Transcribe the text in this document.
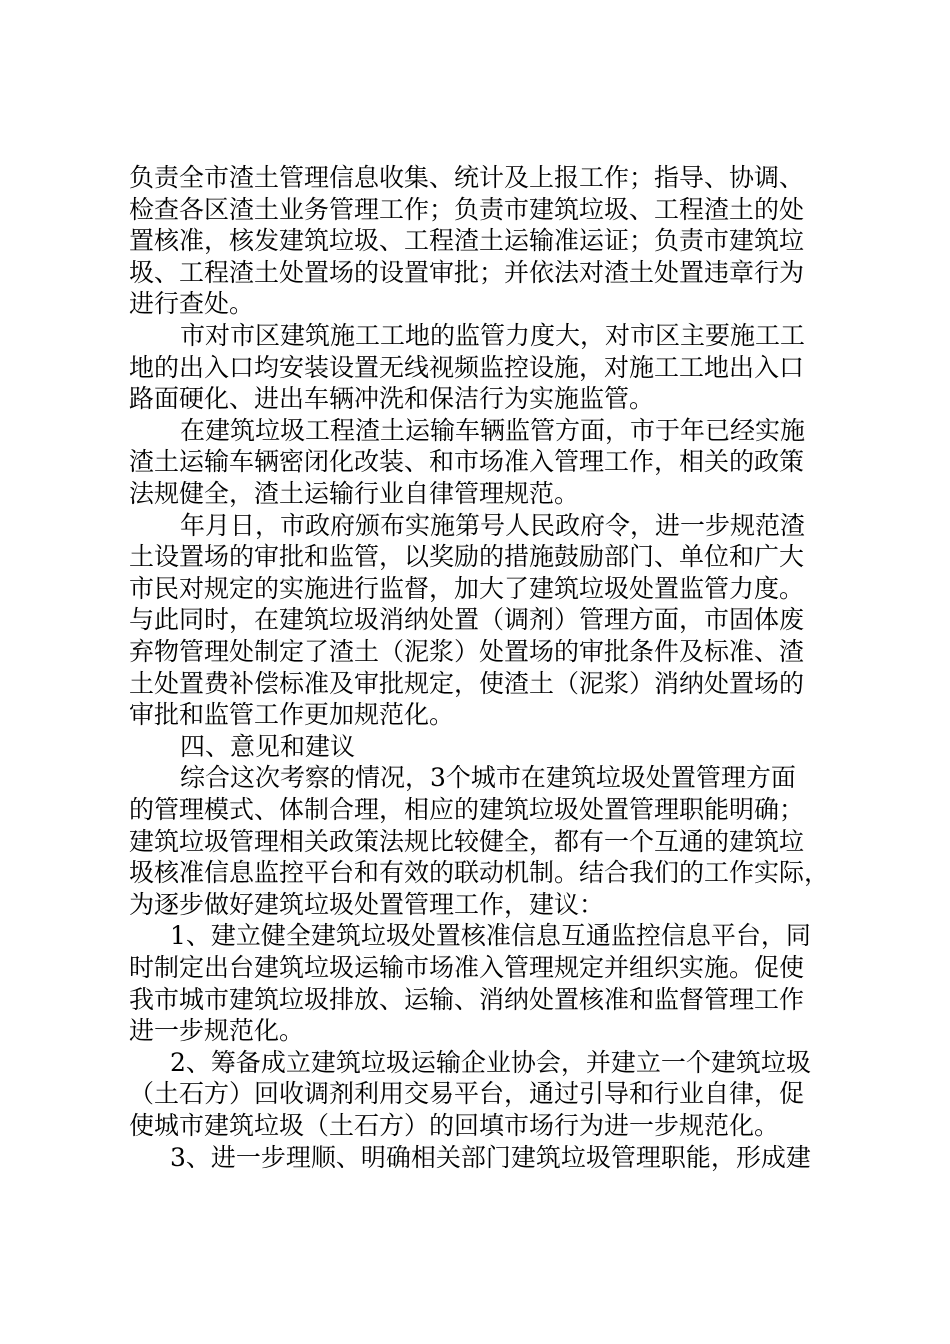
负责全市渣土管理信息收集、统计及上报工作；指导、协调、
检查各区渣土业务管理工作；负责市建筑垃圾、工程渣土的处
置核准，核发建筑垃圾、工程渣土运输准运证；负责市建筑垃
圾、工程渣土处置场的设置审批；并依法对渣土处置违章行为
进行查处。
市对市区建筑施工工地的监管力度大，对市区主要施工工
地的出入口均安装设置无线视频监控设施，对施工工地出入口
路面硬化、进出车辆冲洗和保洁行为实施监管。
在建筑垃圾工程渣土运输车辆监管方面，市于年已经实施
渣土运输车辆密闭化改装、和市场准入管理工作，相关的政策
法规健全，渣土运输行业自律管理规范。
年月日，市政府颁布实施第号人民政府令，进一步规范渣
土设置场的审批和监管，以奖励的措施鼓励部门、单位和广大
市民对规定的实施进行监督，加大了建筑垃圾处置监管力度。
与此同时，在建筑垃圾消纳处置（调剂）管理方面，市固体废
弃物管理处制定了渣土（泥浆）处置场的审批条件及标准、渣
土处置费补偿标准及审批规定，使渣土（泥浆）消纳处置场的
审批和监管工作更加规范化。
四、意见和建议
综合这次考察的情况，3个城市在建筑垃圾处置管理方面
的管理模式、体制合理，相应的建筑垃圾处置管理职能明确；
建筑垃圾管理相关政策法规比较健全，都有一个互通的建筑垃
圾核准信息监控平台和有效的联动机制。结合我们的工作实际，
为逐步做好建筑垃圾处置管理工作，建议：
1、建立健全建筑垃圾处置核准信息互通监控信息平台，同
时制定出台建筑垃圾运输市场准入管理规定并组织实施。促使
我市城市建筑垃圾排放、运输、消纳处置核准和监督管理工作
进一步规范化。
2、筹备成立建筑垃圾运输企业协会，并建立一个建筑垃圾
（土石方）回收调剂利用交易平台，通过引导和行业自律，促
使城市建筑垃圾（土石方）的回填市场行为进一步规范化。
3、进一步理顺、明确相关部门建筑垃圾管理职能，形成建
